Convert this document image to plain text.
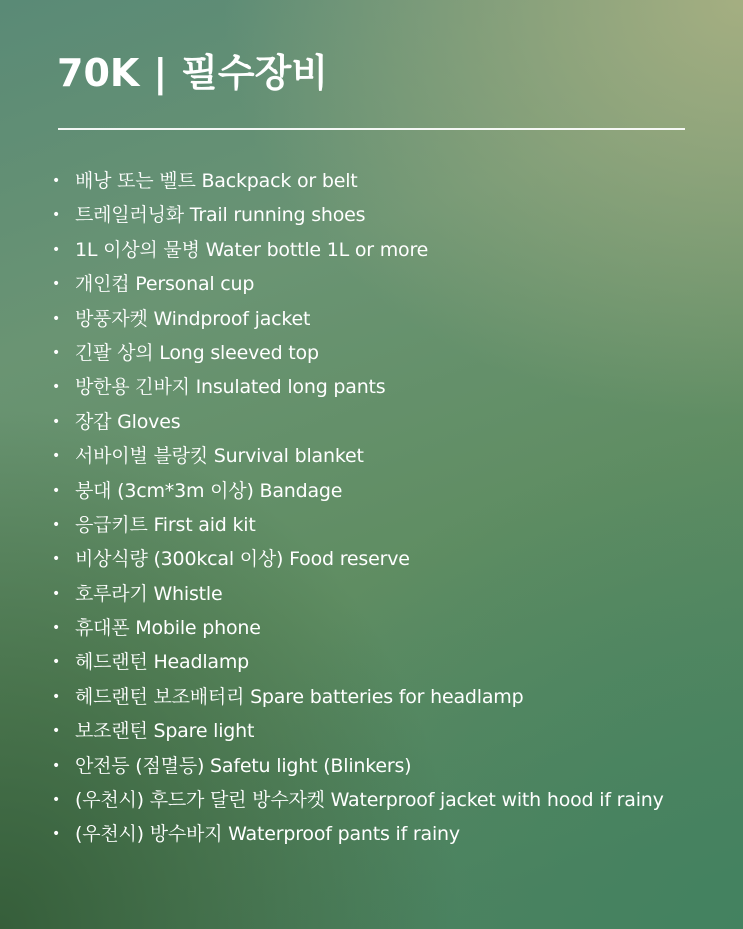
70K | 필수장비
• 배낭 또는 벨트 Backpack or belt
• 트레일러닝화 Trail running shoes
• 1L 이상의 물병 Water bottle 1L or more
• 개인컵 Personal cup
• 방풍자켓 Windproof jacket
• 긴팔 상의 Long sleeved top
• 방한용 긴바지 Insulated long pants
• 장갑 Gloves
• 서바이벌 블랑킷 Survival blanket
• 붕대 (3cm*3m 이상) Bandage
• 응급키트 First aid kit
• 비상식량 (300kcal 이상) Food reserve
• 호루라기 Whistle
• 휴대폰 Mobile phone
• 헤드랜턴 Headlamp
• 헤드랜턴 보조배터리 Spare batteries for headlamp
• 보조랜턴 Spare light
• 안전등 (점멸등) Safetu light (Blinkers)
• (우천시) 후드가 달린 방수자켓 Waterproof jacket with hood if rainy
• (우천시) 방수바지 Waterproof pants if rainy
